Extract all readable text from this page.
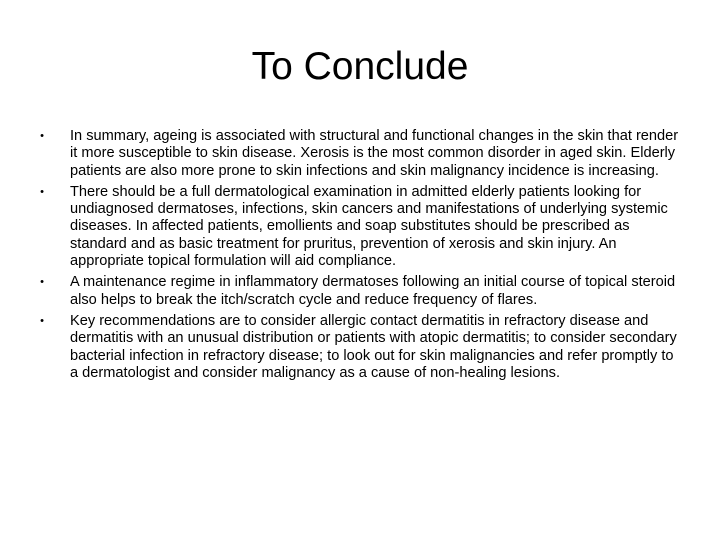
To Conclude
• In summary, ageing is associated with structural and functional changes in the skin that render it more susceptible to skin disease. Xerosis is the most common disorder in aged skin. Elderly patients are also more prone to skin infections and skin malignancy incidence is increasing.
• There should be a full dermatological examination in admitted elderly patients looking for undiagnosed dermatoses, infections, skin cancers and manifestations of underlying systemic diseases. In affected patients, emollients and soap substitutes should be prescribed as standard and as basic treatment for pruritus, prevention of xerosis and skin injury. An appropriate topical formulation will aid compliance.
• A maintenance regime in inflammatory dermatoses following an initial course of topical steroid also helps to break the itch/scratch cycle and reduce frequency of flares.
• Key recommendations are to consider allergic contact dermatitis in refractory disease and dermatitis with an unusual distribution or patients with atopic dermatitis; to consider secondary bacterial infection in refractory disease; to look out for skin malignancies and refer promptly to a dermatologist and consider malignancy as a cause of non-healing lesions.
